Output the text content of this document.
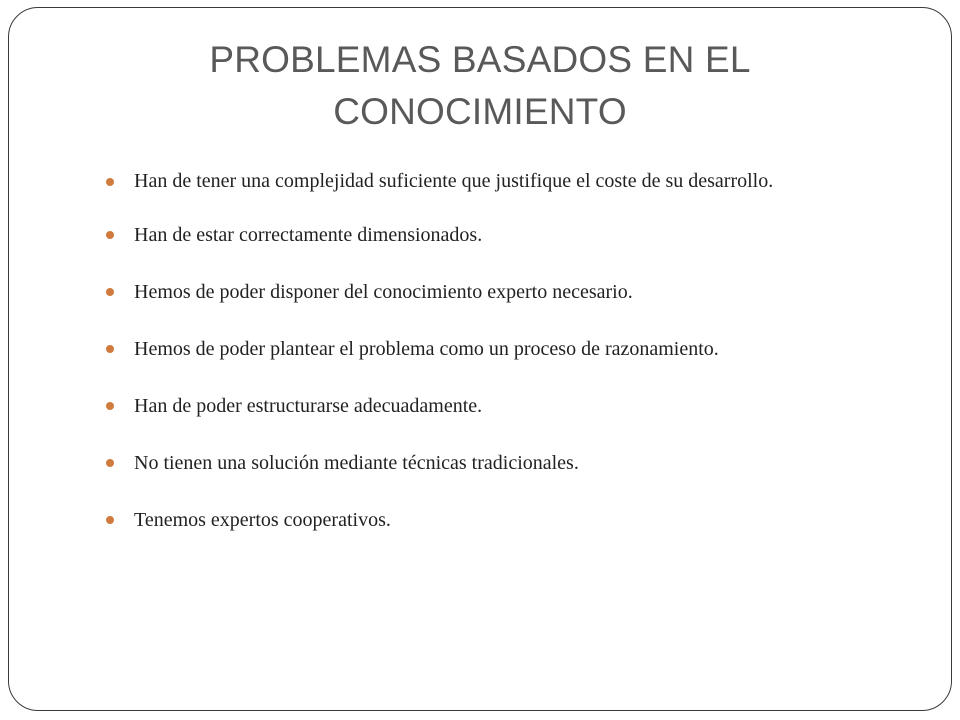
PROBLEMAS BASADOS EN EL
CONOCIMIENTO
Han de tener una complejidad suficiente que justifique el coste de su desarrollo.
Han de estar correctamente dimensionados.
Hemos de poder disponer del conocimiento experto necesario.
Hemos de poder plantear el problema como un proceso de razonamiento.
Han de poder estructurarse adecuadamente.
No tienen una solución mediante técnicas tradicionales.
Tenemos expertos cooperativos.
